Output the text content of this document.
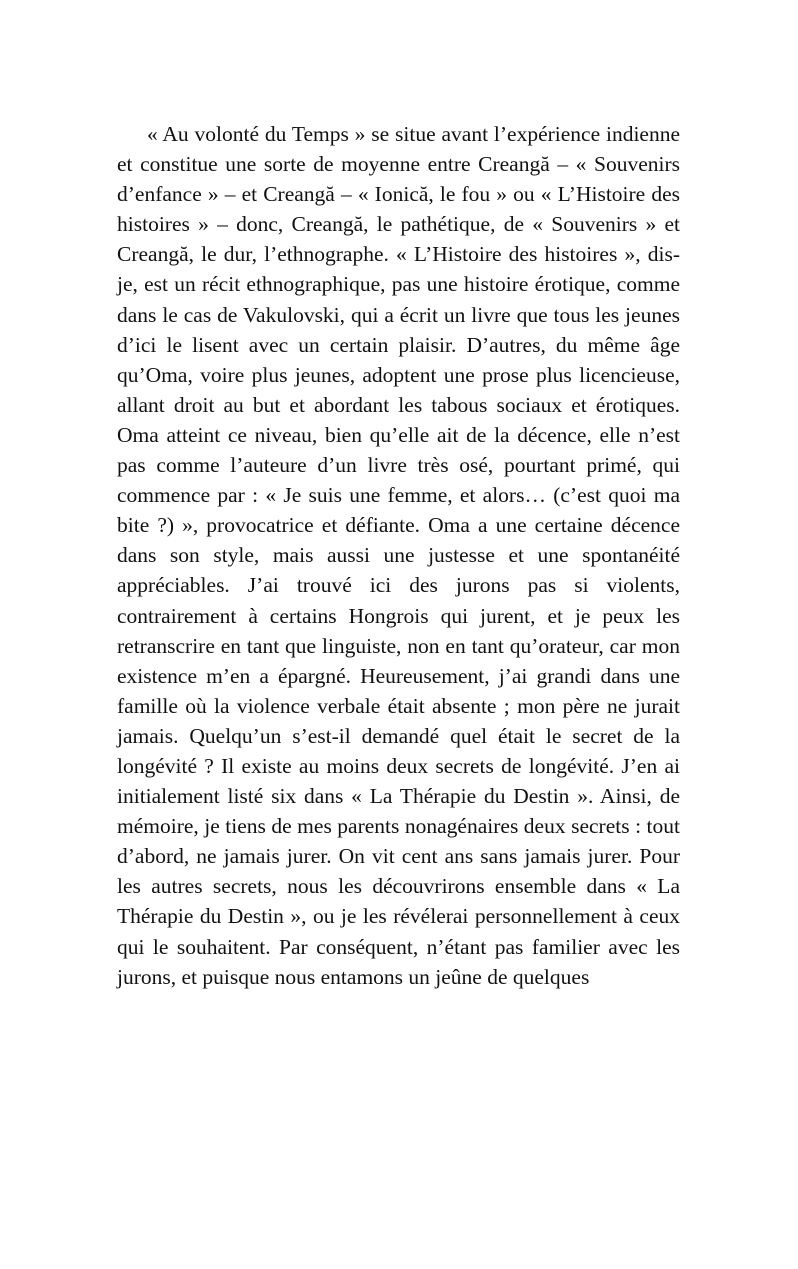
« Au volonté du Temps » se situe avant l’expérience indienne et constitue une sorte de moyenne entre Creangă – « Souvenirs d’enfance » – et Creangă – « Ionică, le fou » ou « L’Histoire des histoires » – donc, Creangă, le pathétique, de « Souvenirs » et Creangă, le dur, l’ethnographe. « L’Histoire des histoires », dis-je, est un récit ethnographique, pas une histoire érotique, comme dans le cas de Vakulovski, qui a écrit un livre que tous les jeunes d’ici le lisent avec un certain plaisir. D’autres, du même âge qu’Oma, voire plus jeunes, adoptent une prose plus licencieuse, allant droit au but et abordant les tabous sociaux et érotiques. Oma atteint ce niveau, bien qu’elle ait de la décence, elle n’est pas comme l’auteure d’un livre très osé, pourtant primé, qui commence par : « Je suis une femme, et alors… (c’est quoi ma bite ?) », provocatrice et défiante. Oma a une certaine décence dans son style, mais aussi une justesse et une spontanéité appréciables. J’ai trouvé ici des jurons pas si violents, contrairement à certains Hongrois qui jurent, et je peux les retranscrire en tant que linguiste, non en tant qu’orateur, car mon existence m’en a épargné. Heureusement, j’ai grandi dans une famille où la violence verbale était absente ; mon père ne jurait jamais. Quelqu’un s’est-il demandé quel était le secret de la longévité ? Il existe au moins deux secrets de longévité. J’en ai initialement listé six dans « La Thérapie du Destin ». Ainsi, de mémoire, je tiens de mes parents nonagénaires deux secrets : tout d’abord, ne jamais jurer. On vit cent ans sans jamais jurer. Pour les autres secrets, nous les découvrirons ensemble dans « La Thérapie du Destin », ou je les révélerai personnellement à ceux qui le souhaitent. Par conséquent, n’étant pas familier avec les jurons, et puisque nous entamons un jeûne de quelques
